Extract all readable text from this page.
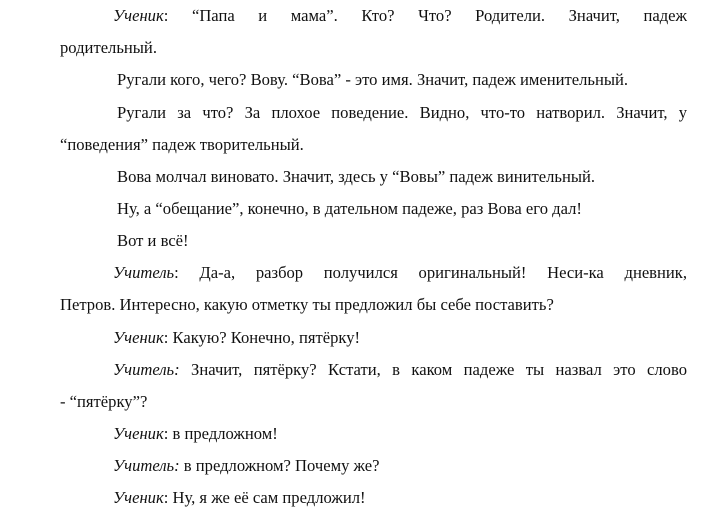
Ученик: “Папа и мама”. Кто? Что? Родители. Значит, падеж
родительный.
Ругали кого, чего? Вову. “Вова” - это имя. Значит, падеж именительный.
Ругали за что? За плохое поведение. Видно, что-то натворил. Значит, у
“поведения” падеж творительный.
Вова молчал виновато. Значит, здесь у “Вовы” падеж винительный.
Ну, а “обещание”, конечно, в дательном падеже, раз Вова его дал!
Вот и всё!
Учитель: Да-а, разбор получился оригинальный! Неси-ка дневник,
Петров. Интересно, какую отметку ты предложил бы себе поставить?
Ученик: Какую? Конечно, пятёрку!
Учитель: Значит, пятёрку? Кстати, в каком падеже ты назвал это слово
- “пятёрку”?
Ученик: в предложном!
Учитель: в предложном? Почему же?
Ученик: Ну, я же её сам предложил!
